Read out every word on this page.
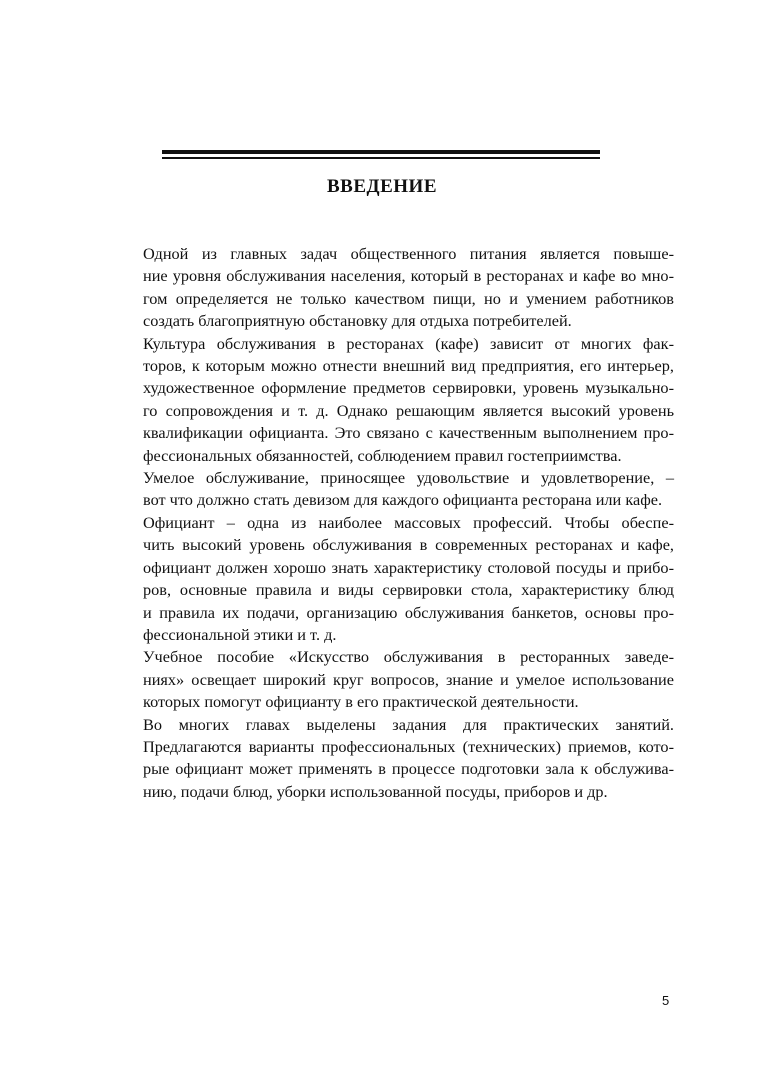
ВВЕДЕНИЕ

Одной из главных задач общественного питания является повыше-
ние уровня обслуживания населения, который в ресторанах и кафе во мно-
гом определяется не только качеством пищи, но и умением работников
создать благоприятную обстановку для отдыха потребителей.

Культура обслуживания в ресторанах (кафе) зависит от многих фак-
торов, к которым можно отнести внешний вид предприятия, его интерьер,
художественное оформление предметов сервировки, уровень музыкально-
го сопровождения и т. д. Однако решающим является высокий уровень
квалификации официанта. Это связано с качественным выполнением про-
фессиональных обязанностей, соблюдением правил гостеприимства.

Умелое обслуживание, приносящее удовольствие и удовлетворение, –
вот что должно стать девизом для каждого официанта ресторана или кафе.

Официант – одна из наиболее массовых профессий. Чтобы обеспе-
чить высокий уровень обслуживания в современных ресторанах и кафе,
официант должен хорошо знать характеристику столовой посуды и прибо-
ров, основные правила и виды сервировки стола, характеристику блюд
и правила их подачи, организацию обслуживания банкетов, основы про-
фессиональной этики и т. д.

Учебное пособие «Искусство обслуживания в ресторанных заведе-
ниях» освещает широкий круг вопросов, знание и умелое использование
которых помогут официанту в его практической деятельности.

Во многих главах выделены задания для практических занятий.
Предлагаются варианты профессиональных (технических) приемов, кото-
рые официант может применять в процессе подготовки зала к обслужива-
нию, подачи блюд, уборки использованной посуды, приборов и др.

5
